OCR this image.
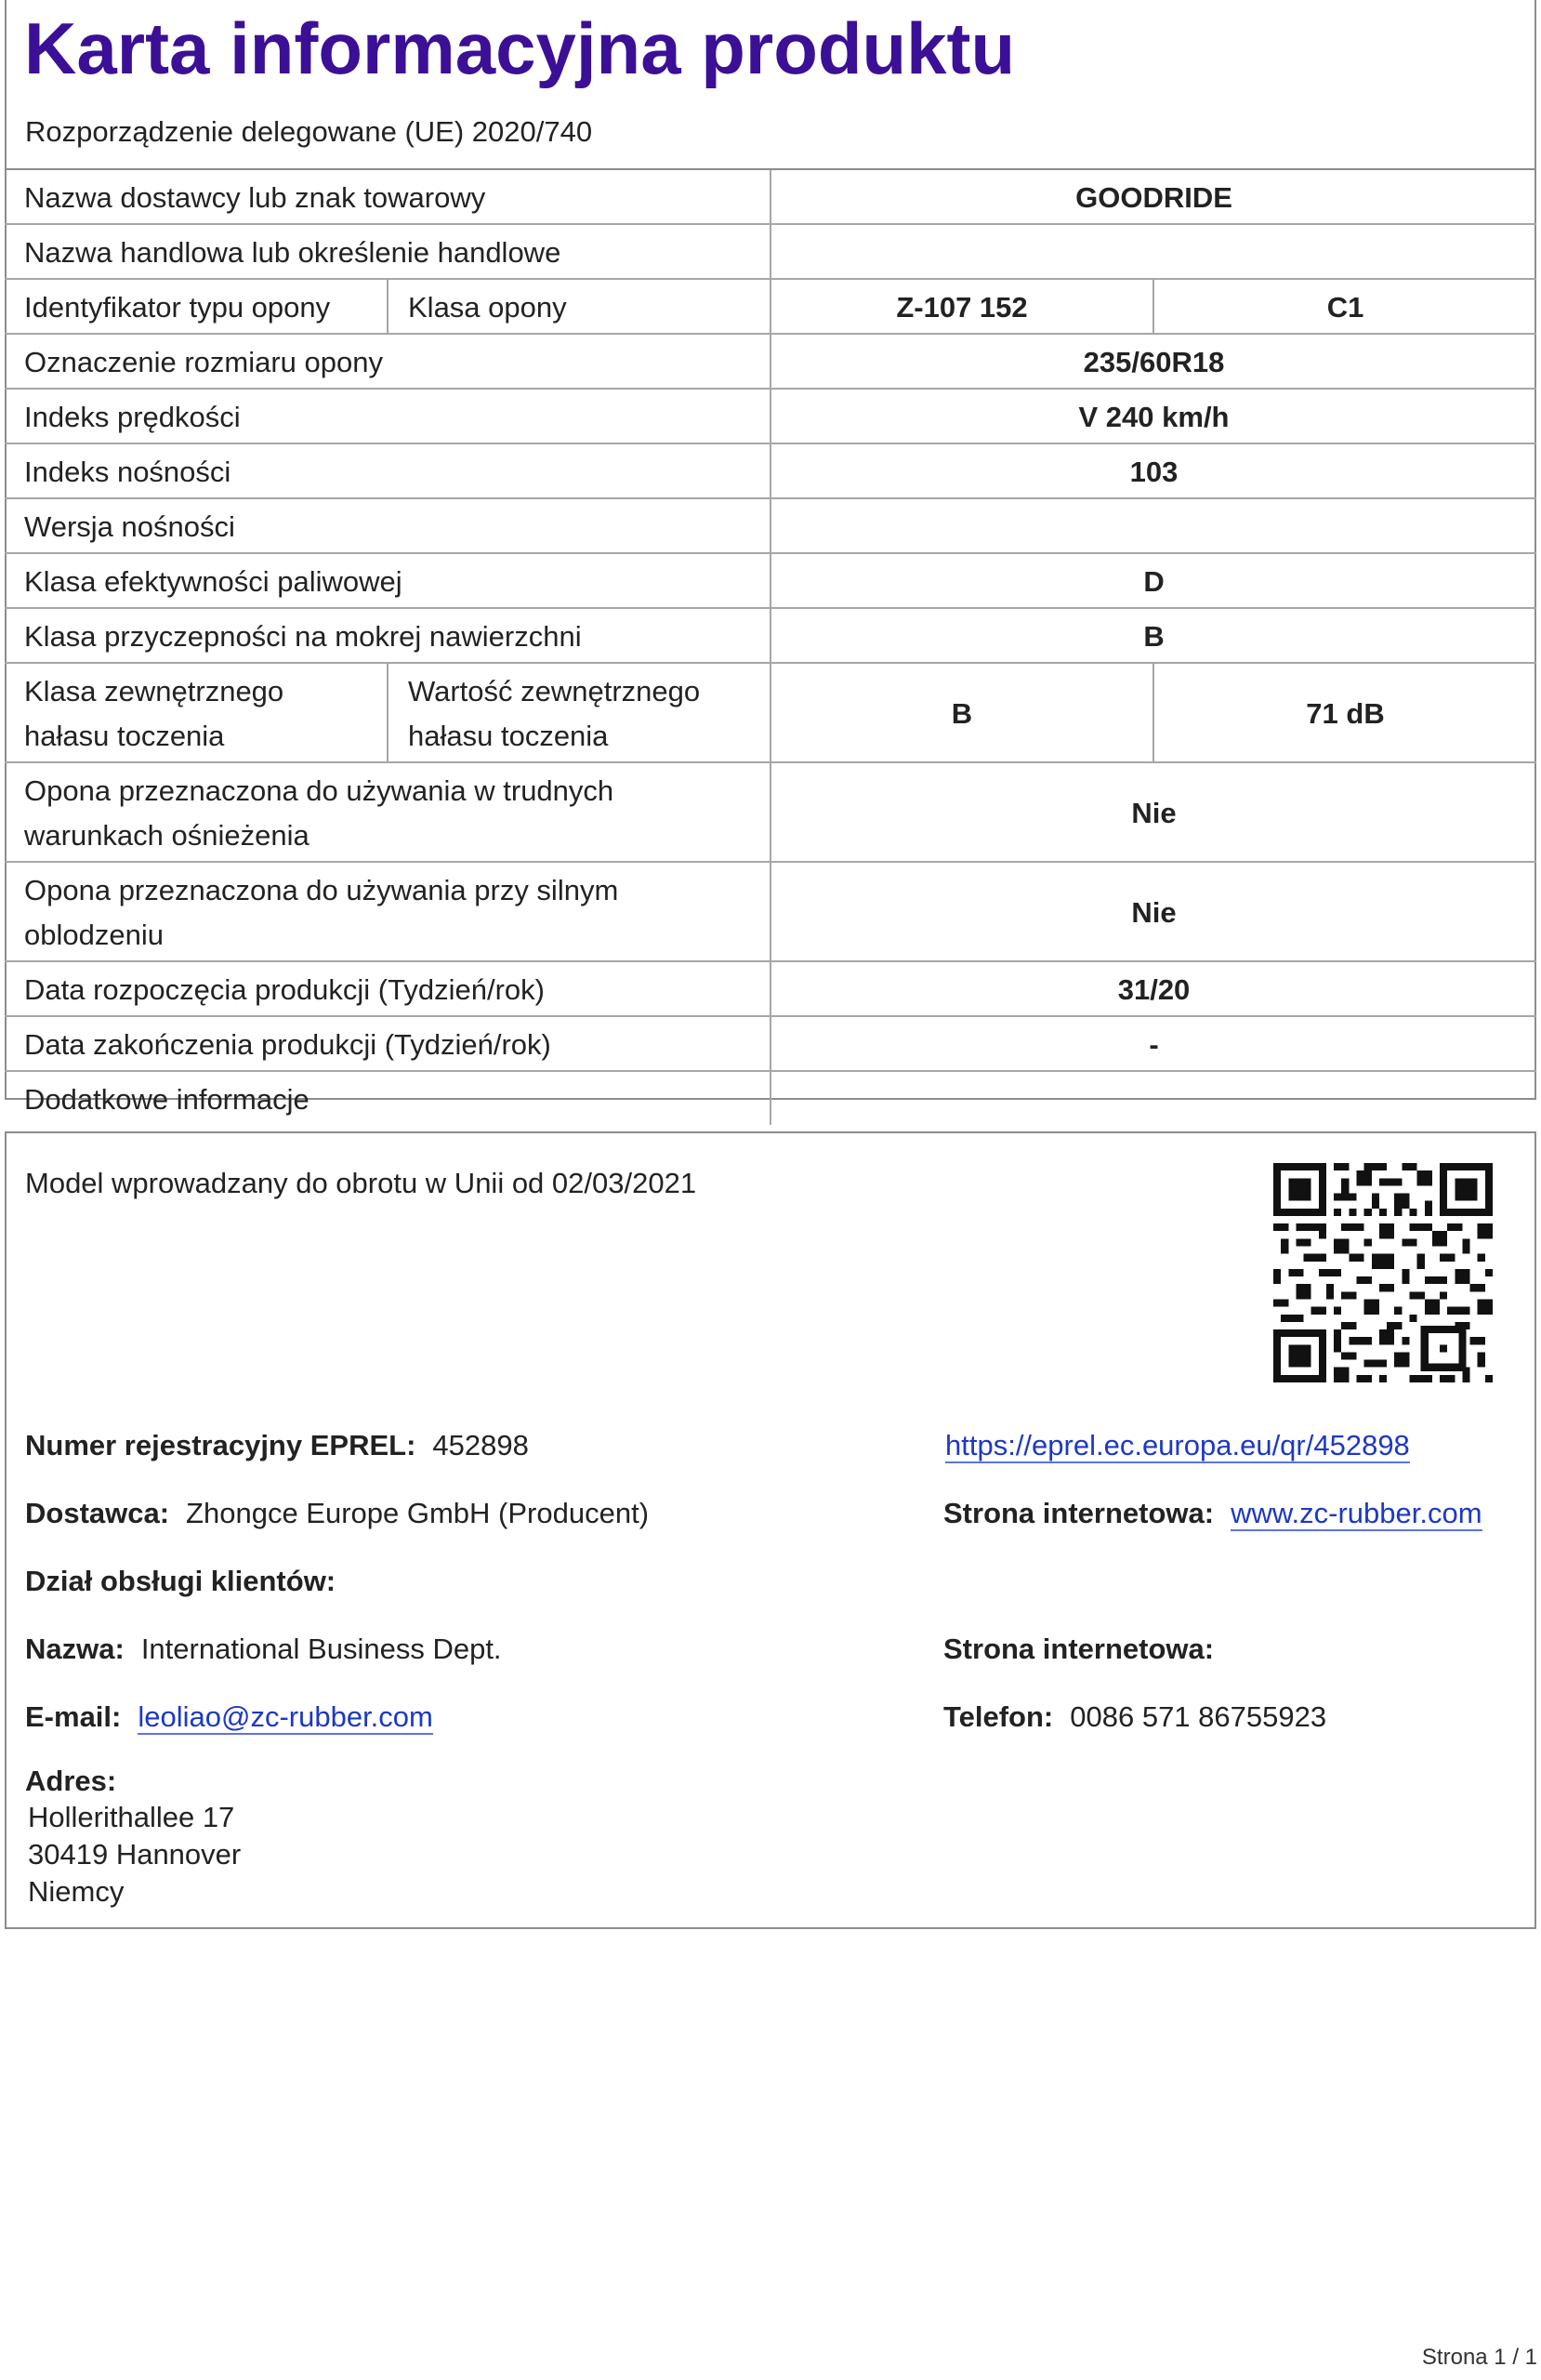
Karta informacyjna produktu
Rozporządzenie delegowane (UE) 2020/740
Nazwa dostawcy lub znak towarowy		GOODRIDE	
Nazwa handlowa lub określenie handlowe			
Identyfikator typu opony	Klasa opony	Z-107 152	C1
Oznaczenie rozmiaru opony		235/60R18	
Indeks prędkości		V 240 km/h	
Indeks nośności		103	
Wersja nośności			
Klasa efektywności paliwowej		D	
Klasa przyczepności na mokrej nawierzchni		B	
Klasa zewnętrznego hałasu toczenia	Wartość zewnętrznego hałasu toczenia	B	71 dB
Opona przeznaczona do używania w trudnych warunkach ośnieżenia		Nie	
Opona przeznaczona do używania przy silnym oblodzeniu		Nie	
Data rozpoczęcia produkcji (Tydzień/rok)		31/20	
Data zakończenia produkcji (Tydzień/rok)		-	
Dodatkowe informacje			
Model wprowadzany do obrotu w Unii od 02/03/2021
Numer rejestracyjny EPREL: 452898	https://eprel.ec.europa.eu/qr/452898
Dostawca: Zhongce Europe GmbH (Producent)	Strona internetowa: www.zc-rubber.com
Dział obsługi klientów:
Nazwa: International Business Dept.	Strona internetowa:
E-mail: leoliao@zc-rubber.com	Telefon: 0086 571 86755923
Adres:
Hollerithallee 17
30419 Hannover
Niemcy
Strona 1 / 1
